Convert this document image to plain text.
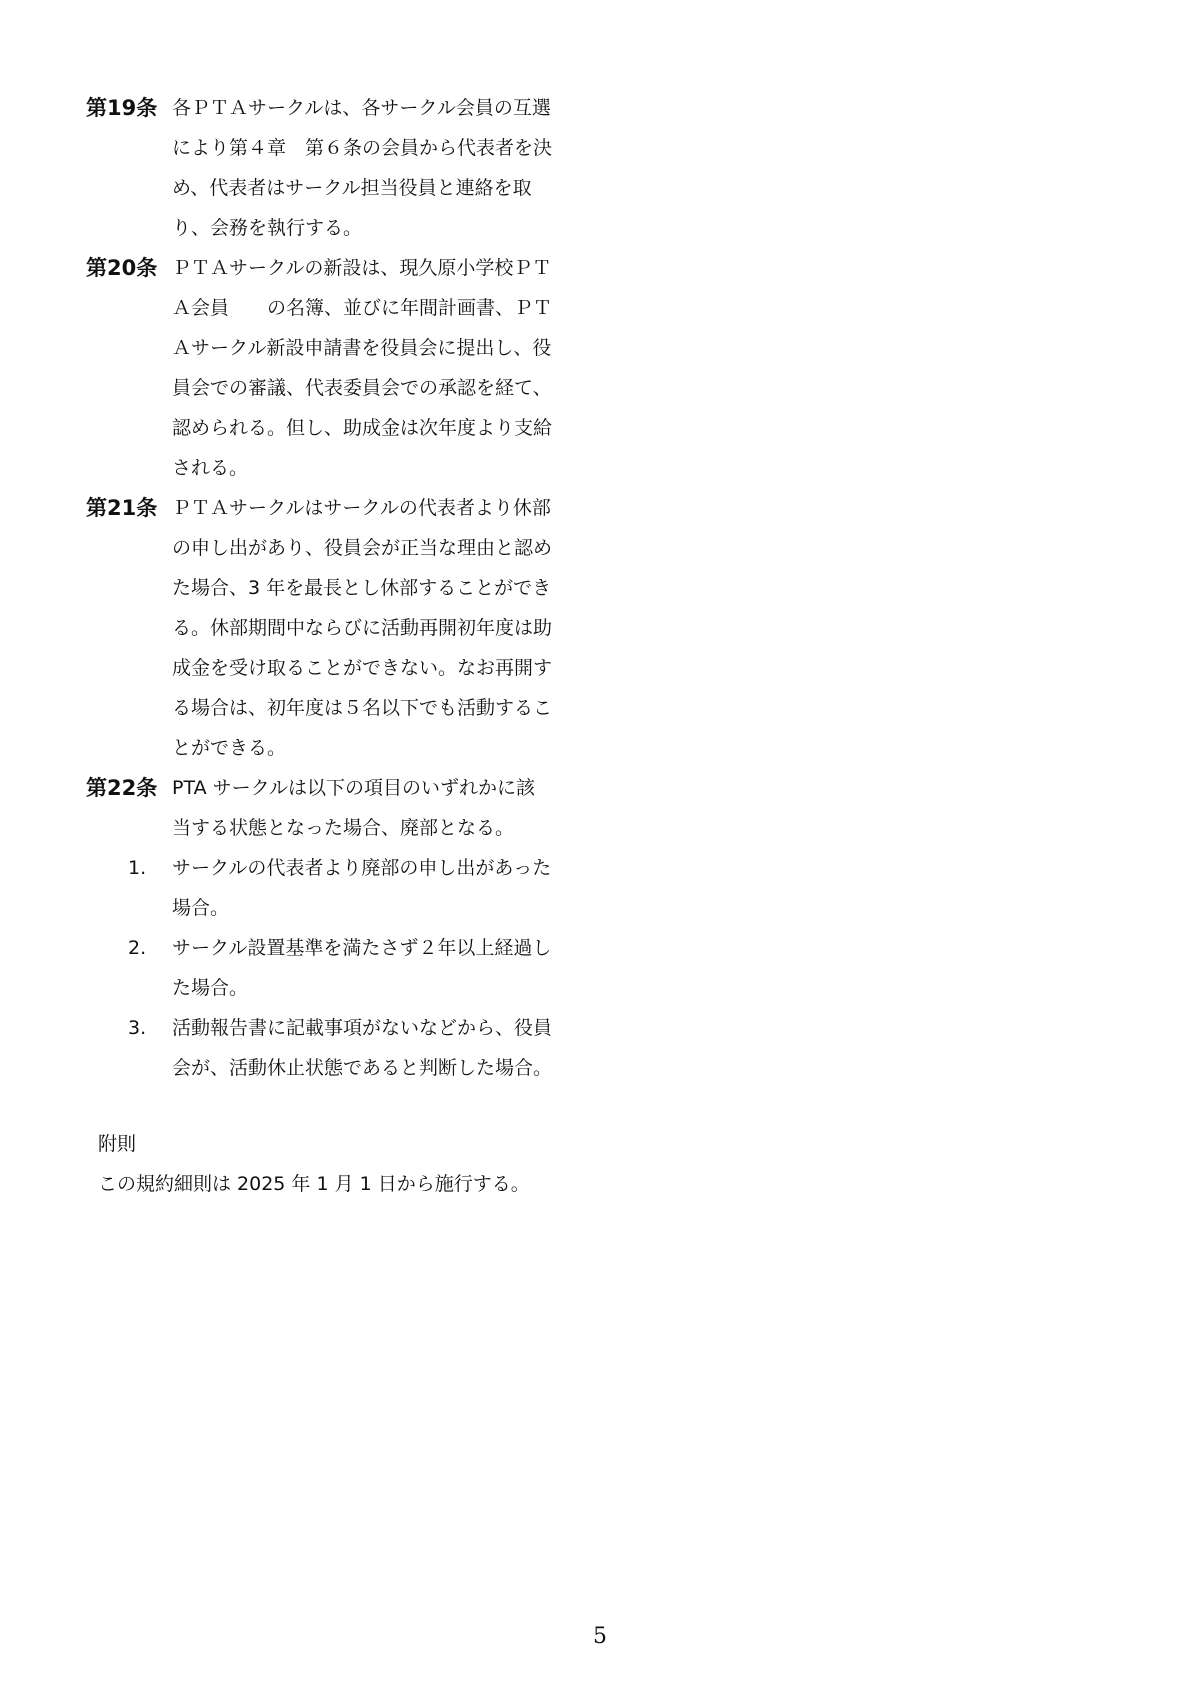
第19条 各ＰＴＡサークルは、各サークル会員の互選
により第４章　第６条の会員から代表者を決
め、代表者はサークル担当役員と連絡を取
り、会務を執行する。
第20条 ＰＴＡサークルの新設は、現久原小学校ＰＴ
Ａ会員　　の名簿、並びに年間計画書、ＰＴ
Ａサークル新設申請書を役員会に提出し、役
員会での審議、代表委員会での承認を経て、
認められる。但し、助成金は次年度より支給
される。
第21条 ＰＴＡサークルはサークルの代表者より休部
の申し出があり、役員会が正当な理由と認め
た場合、3 年を最長とし休部することができ
る。休部期間中ならびに活動再開初年度は助
成金を受け取ることができない。なお再開す
る場合は、初年度は５名以下でも活動するこ
とができる。
第22条 PTA サークルは以下の項目のいずれかに該
当する状態となった場合、廃部となる。
1.	サークルの代表者より廃部の申し出があった
場合。
2.	サークル設置基準を満たさず２年以上経過し
た場合。
3.	活動報告書に記載事項がないなどから、役員
会が、活動休止状態であると判断した場合。
附則
この規約細則は 2025 年 1 月 1 日から施行する。
5
